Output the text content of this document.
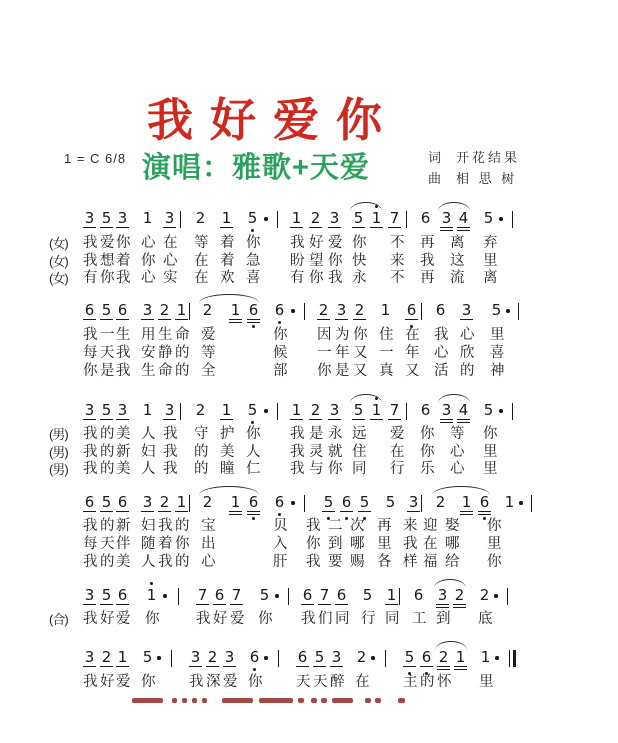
我好爱你
1 = C 6/8 演唱：雅歌+天爱	词 开花结果
曲 相 思 树
3 5 3 1 3 2 1 5 1 2 3 5 1 7 6 3 4 5
(女) 我 爱 你 心 在 等 着 你 我 好 爱 你 不 再 离 弃
(女) 我 想 着 你 心 在 着 急 盼 望 你 快 来 我 这 里
(女) 有 你 我 心 实 在 欢 喜 有 你 我 永 不 再 流 离
6 5 6 3 2 1 2 1 6 6 2 3 2 1 6 6 3 5
我 一 生 用 生 命 爱	你 因 为 你 住 在 我 心 里
每 天 我 安 静 的 等	候 一 年 又 一 年 心 欣 喜
你 是 我 生 命 的 全	部 你 是 又 真 又 活 的 神
3 5 3 1 3 2 1 5 1 2 3 5 1 7 6 3 4 5
(男) 我 的 美 人 我 守 护 你 我 是 永 远 爱 你 等 你
(男) 我 的 新 妇 我 的 美 人 我 灵 就 住 在 你 心 里
(男) 我 的 美 人 我 的 瞳 仁 我 与 你 同 行 乐 心 里
6 5 6 3 2 1 2 1 6 6	5 6 5 5 3 2 1 6 1
我 的 新 妇 我 的 宝	贝 我 二 次 再 来 迎 娶 你
每 天 伴 随 着 你 出	入 你 到 哪 里 我 在 哪 里
我 的 美 人 我 的 心	肝 我 要 赐 各 样 福 给 你
3 5 6 1	7 6 7 5 6 7 6 5 1 6 3 2 2
(合) 我 好 爱 你	我 好 爱 你 我 们 同 行 同 工 到 底
3 2 1 5	3 2 3 6	6 5 3 2	5 6 2 1 1
我 好 爱 你 我 深 爱 你 天 天 醉 在 主 的 怀 里
